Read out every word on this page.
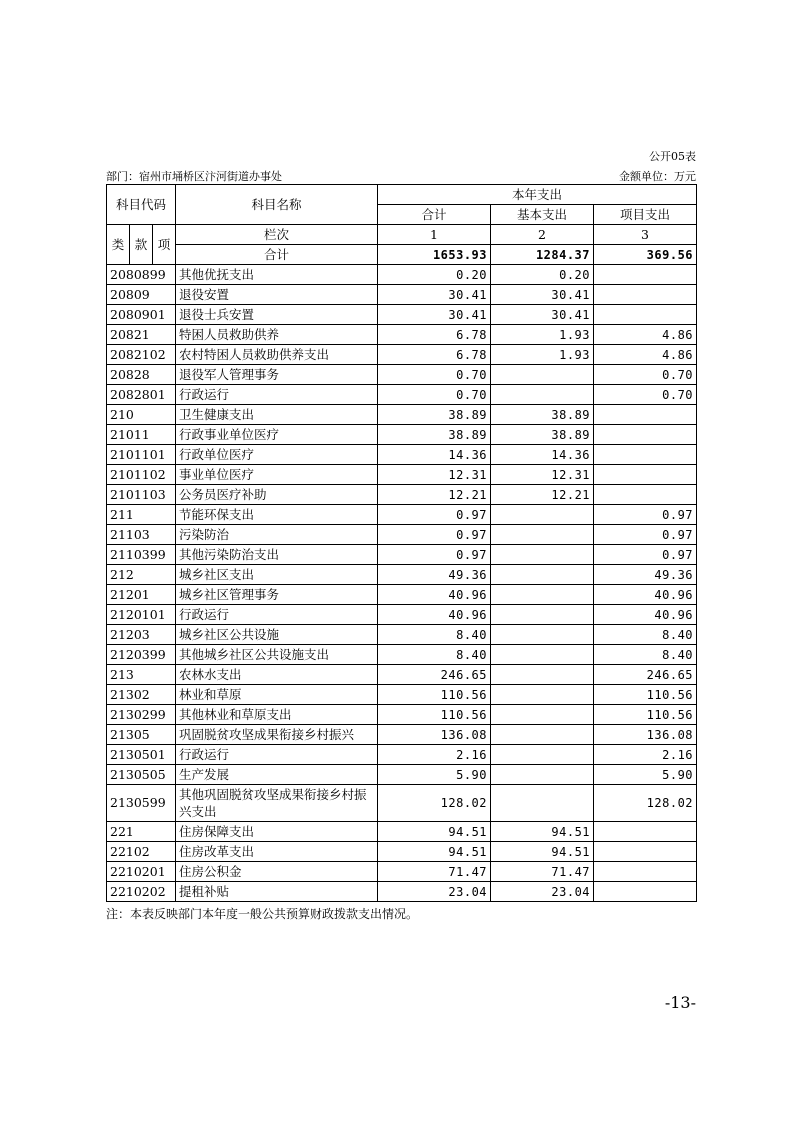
公开05表
部门：宿州市埇桥区汴河街道办事处	金额单位：万元
科目代码			科目名称	本年支出		
				合计	基本支出	项目支出
类	款	项	栏次	1	2	3
			合计	1653.93	1284.37	369.56
2080899			其他优抚支出	0.20	0.20	
20809			退役安置	30.41	30.41	
2080901			退役士兵安置	30.41	30.41	
20821			特困人员救助供养	6.78	1.93	4.86
2082102			农村特困人员救助供养支出	6.78	1.93	4.86
20828			退役军人管理事务	0.70		0.70
2082801			行政运行	0.70		0.70
210			卫生健康支出	38.89	38.89	
21011			行政事业单位医疗	38.89	38.89	
2101101			行政单位医疗	14.36	14.36	
2101102			事业单位医疗	12.31	12.31	
2101103			公务员医疗补助	12.21	12.21	
211			节能环保支出	0.97		0.97
21103			污染防治	0.97		0.97
2110399			其他污染防治支出	0.97		0.97
212			城乡社区支出	49.36		49.36
21201			城乡社区管理事务	40.96		40.96
2120101			行政运行	40.96		40.96
21203			城乡社区公共设施	8.40		8.40
2120399			其他城乡社区公共设施支出	8.40		8.40
213			农林水支出	246.65		246.65
21302			林业和草原	110.56		110.56
2130299			其他林业和草原支出	110.56		110.56
21305			巩固脱贫攻坚成果衔接乡村振兴	136.08		136.08
2130501			行政运行	2.16		2.16
2130505			生产发展	5.90		5.90
2130599			其他巩固脱贫攻坚成果衔接乡村振兴支出	128.02		128.02
221			住房保障支出	94.51	94.51	
22102			住房改革支出	94.51	94.51	
2210201			住房公积金	71.47	71.47	
2210202			提租补贴	23.04	23.04	
注：本表反映部门本年度一般公共预算财政拨款支出情况。
-13-
